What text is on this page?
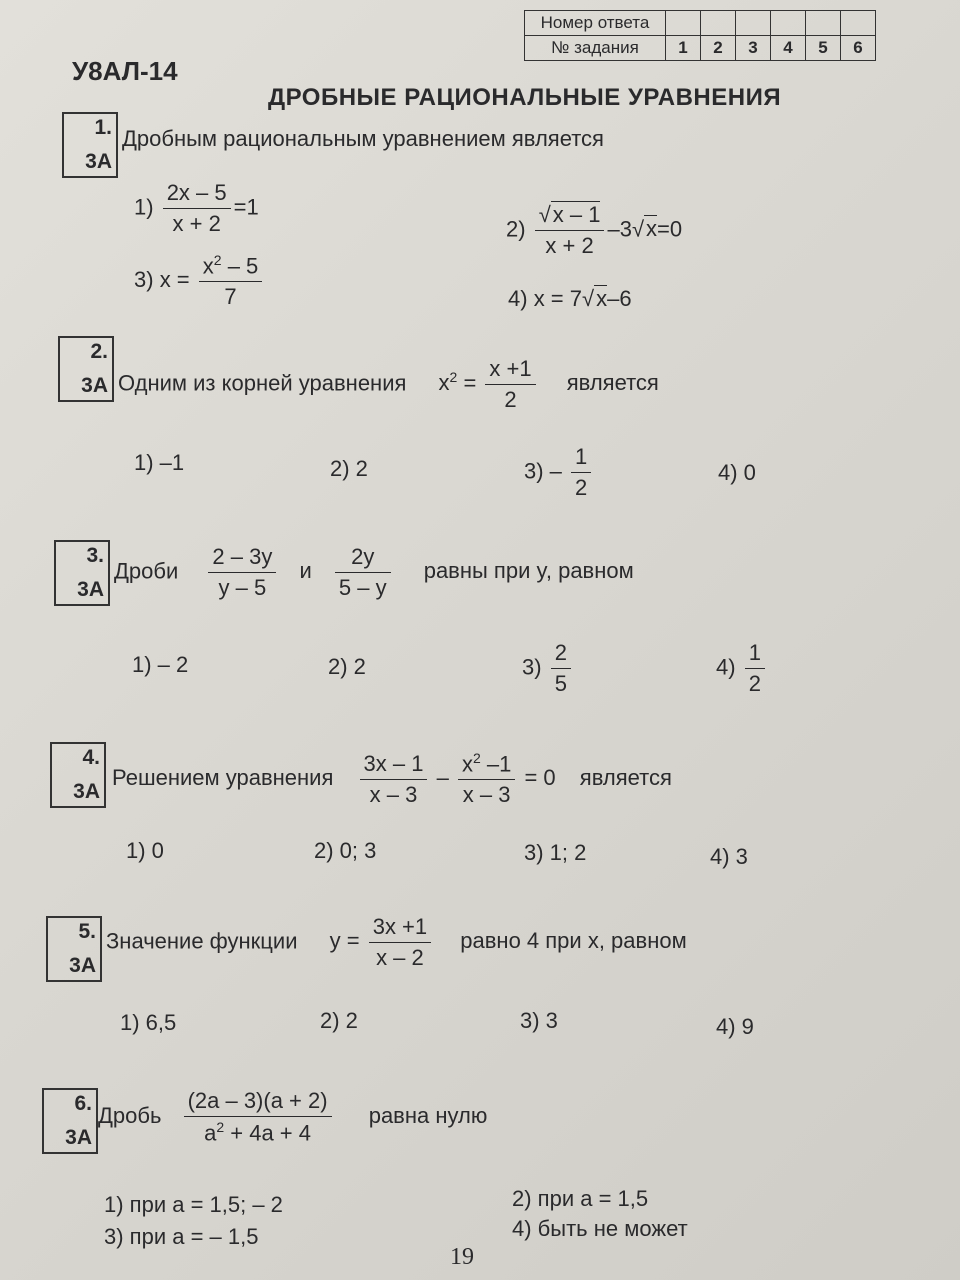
У8АЛ-14
ДРОБНЫЕ РАЦИОНАЛЬНЫЕ УРАВНЕНИЯ
Номер ответа						
№ задания	1	2	3	4	5	6
1.
3А
Дробным рациональным уравнением является
$1) \frac{2x - 5}{x + 2} =1$
$2) \frac{√x - 1}{x + 2} -3√x=0$
3) $x = \frac{x^2 - 5}{7}$	4) x = 7√x–6
2.
3А Одним из корней уравнения $x^2 = \frac{x +1}{2}$ является
1) –1	2) 2	$3) - \frac{1}{2}$	4) 0
3.
3А
Дроби $\frac{2 - 3y}{y - 5}$ и $\frac{2y}{5 - y}$ равны при y, равном
1) – 2	2) 2	$3) \frac{2}{5}$	$4) \frac{1}{2}$
4.
3А
Решением уравнения $\frac{3x - 1}{x - 3} - \frac{x^2 -1}{x - 3} = 0$ является
1) 0	2) 0; 3	3) 1; 2	4) 3
5.
3А
Значение функции $y = \frac{3x +1}{x - 2}$ равно 4 при x, равном
1) 6,5	2) 2	3) 3	4) 9
6.
3А
Дробь $\frac{(2a - 3)(a + 2)}{a^2 + 4a + 4}$ равна нулю
1) при a = 1,5; – 2	2) при a = 1,5
3) при a = – 1,5	4) быть не может
19
